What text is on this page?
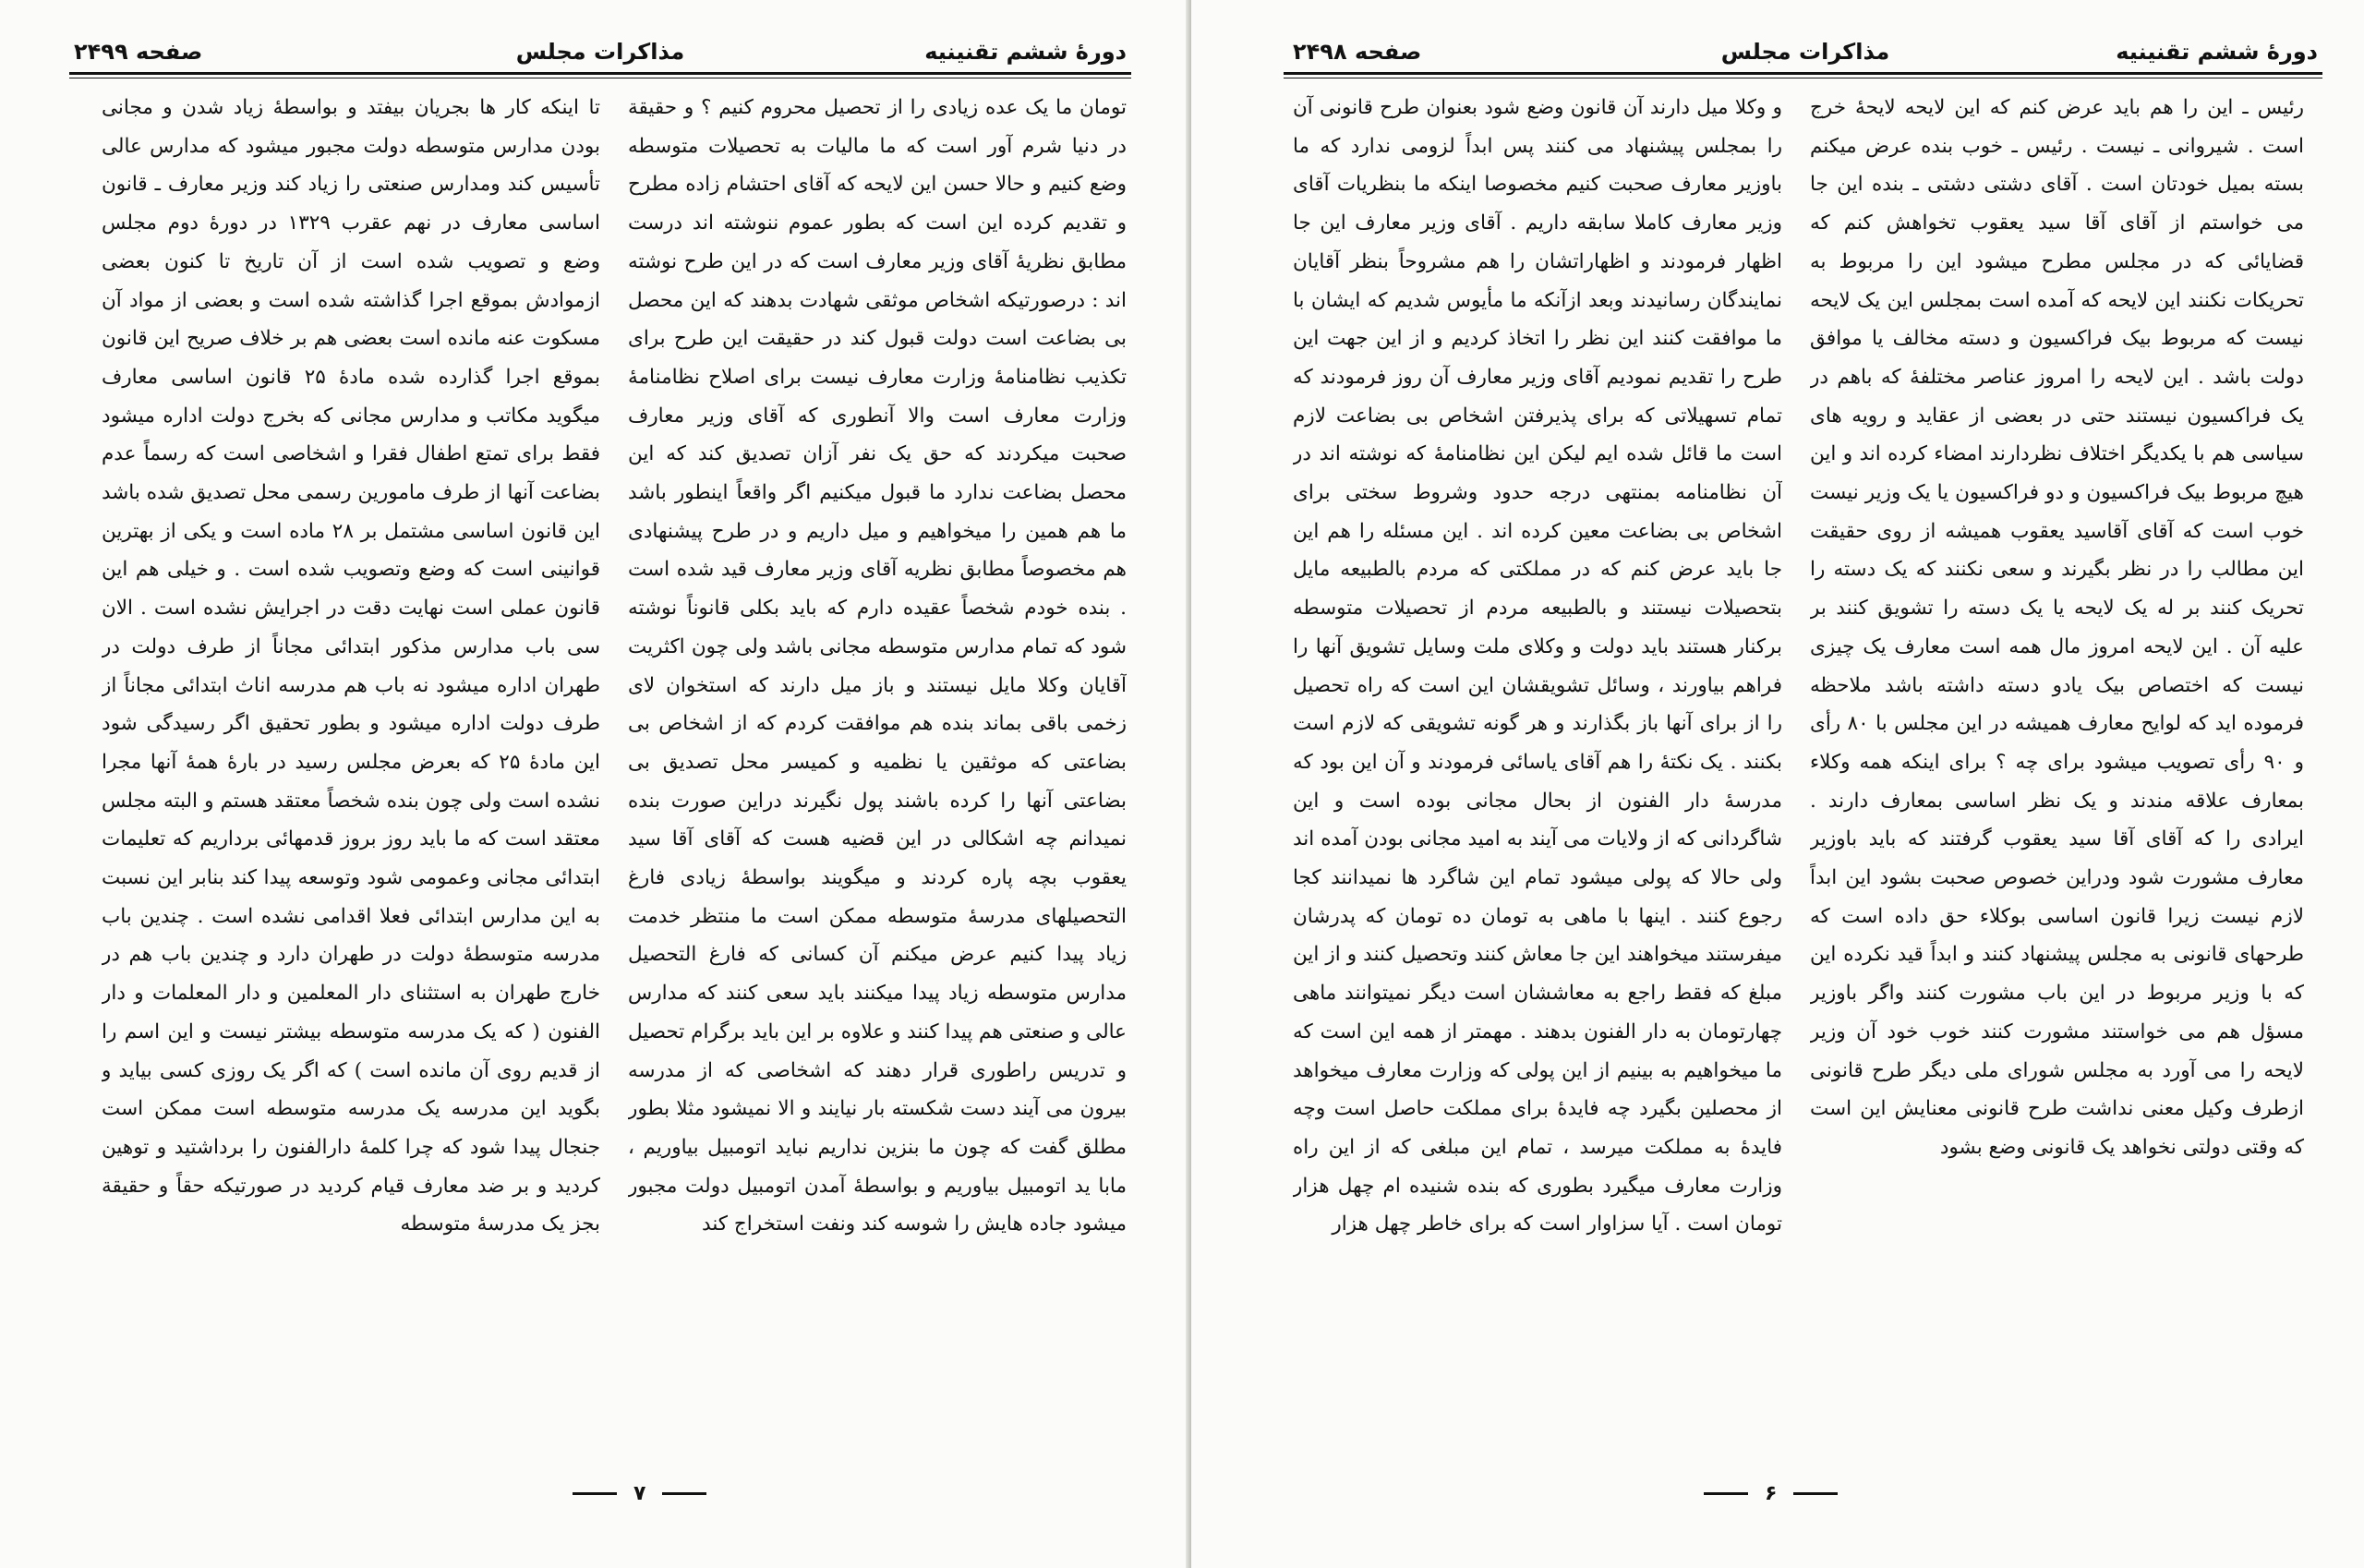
دورهٔ ششم تقنینیه
مذاکرات مجلس
صفحه ۲۴۹۹

تومان ما یک عده زیادی را از تحصیل محروم کنیم ؟ و حقیقة در دنیا شرم آور است که ما مالیات به تحصیلات متوسطه وضع کنیم و حالا حسن این لایحه که آقای احتشام زاده مطرح و تقدیم کرده این است که بطور عموم ننوشته اند درست مطابق نظریهٔ آقای وزیر معارف است که در این طرح نوشته اند : درصورتیکه اشخاص موثقی شهادت بدهند که این محصل بی بضاعت است دولت قبول کند در حقیقت این طرح برای تکذیب نظامنامهٔ وزارت معارف نیست برای اصلاح نظامنامهٔ وزارت معارف است والا آنطوری که آقای وزیر معارف صحبت میکردند که حق یک نفر آزان تصدیق کند که این محصل بضاعت ندارد ما قبول میکنیم اگر واقعاً اینطور باشد ما هم همین را میخواهیم و میل داریم و در طرح پیشنهادی هم مخصوصاً مطابق نظریه آقای وزیر معارف قید شده است . بنده خودم شخصاً عقیده دارم که باید بکلی قانوناً نوشته شود که تمام مدارس متوسطه مجانی باشد ولی چون اکثریت آقایان وکلا مایل نیستند و باز میل دارند که استخوان لای زخمی باقی بماند بنده هم موافقت کردم که از اشخاص بی بضاعتی که موثقین یا نظمیه و کمیسر محل تصدیق بی بضاعتی آنها را کرده باشند پول نگیرند دراین صورت بنده نمیدانم چه اشکالی در این قضیه هست که آقای آقا سید یعقوب بچه پاره کردند و میگویند بواسطهٔ زیادی فارغ التحصیلهای مدرسهٔ متوسطه ممکن است ما منتظر خدمت زیاد پیدا کنیم عرض میکنم آن کسانی که فارغ التحصیل مدارس متوسطه زیاد پیدا میکنند باید سعی کنند که مدارس عالی و صنعتی هم پیدا کنند و علاوه بر این باید برگرام تحصیل و تدریس راطوری قرار دهند که اشخاصی که از مدرسه بیرون می آیند دست شکسته بار نیایند و الا نمیشود مثلا بطور مطلق گفت که چون ما بنزین نداریم نباید اتومبیل بیاوریم ، مابا ید اتومبیل بیاوریم و بواسطهٔ آمدن اتومبیل دولت مجبور میشود جاده هایش را شوسه کند ونفت استخراج کند

تا اینکه کار ها بجریان بیفتد و بواسطهٔ زیاد شدن و مجانی بودن مدارس متوسطه دولت مجبور میشود که مدارس عالی تأسیس کند ومدارس صنعتی را زیاد کند وزیر معارف ـ قانون اساسی معارف در نهم عقرب ۱۳۲۹ در دورهٔ دوم مجلس وضع و تصویب شده است از آن تاریخ تا کنون بعضی ازموادش بموقع اجرا گذاشته شده است و بعضی از مواد آن مسکوت عنه مانده است بعضی هم بر خلاف صریح این قانون بموقع اجرا گذارده شده مادهٔ ۲۵ قانون اساسی معارف میگوید مکاتب و مدارس مجانی که بخرج دولت اداره میشود فقط برای تمتع اطفال فقرا و اشخاصی است که رسماً عدم بضاعت آنها از طرف مامورین رسمی محل تصدیق شده باشد این قانون اساسی مشتمل بر ۲۸ ماده است و یکی از بهترین قوانینی است که وضع وتصویب شده است . و خیلی هم این قانون عملی است نهایت دقت در اجرایش نشده است . الان سی باب مدارس مذکور ابتدائی مجاناً از طرف دولت در طهران اداره میشود نه باب هم مدرسه اناث ابتدائی مجاناً از طرف دولت اداره میشود و بطور تحقیق اگر رسیدگی شود این مادهٔ ۲۵ که بعرض مجلس رسید در بارهٔ همهٔ آنها مجرا نشده است ولی چون بنده شخصاً معتقد هستم و البته مجلس معتقد است که ما باید روز بروز قدمهائی برداریم که تعلیمات ابتدائی مجانی وعمومی شود وتوسعه پیدا کند بنابر این نسبت به این مدارس ابتدائی فعلا اقدامی نشده است . چندین باب مدرسه متوسطهٔ دولت در طهران دارد و چندین باب هم در خارج طهران به استثنای دار المعلمین و دار المعلمات و دار الفنون ( که یک مدرسه متوسطه بیشتر نیست و این اسم را از قدیم روی آن مانده است ) که اگر یک روزی کسی بیاید و بگوید این مدرسه یک مدرسه متوسطه است ممکن است جنجال پیدا شود که چرا کلمهٔ دارالفنون را برداشتید و توهین کردید و بر ضد معارف قیام کردید در صورتیکه حقاً و حقیقة بجز یک مدرسهٔ متوسطه

۷
دورهٔ ششم تقنینیه
مذاکرات مجلس
صفحه ۲۴۹۸

رئیس ـ این را هم باید عرض کنم که این لایحه لایحهٔ خرج است . شیروانی ـ نیست . رئیس ـ خوب بنده عرض میکنم بسته بمیل خودتان است . آقای دشتی دشتی ـ بنده این جا می خواستم از آقای آقا سید یعقوب تخواهش کنم که قضایائی که در مجلس مطرح میشود این را مربوط به تحریکات نکنند این لایحه که آمده است بمجلس این یک لایحه نیست که مربوط بیک فراکسیون و دسته مخالف یا موافق دولت باشد . این لایحه را امروز عناصر مختلفهٔ که باهم در یک فراکسیون نیستند حتی در بعضی از عقاید و رویه های سیاسی هم با یکدیگر اختلاف نظردارند امضاء کرده اند و این هیچ مربوط بیک فراکسیون و دو فراکسیون یا یک وزیر نیست خوب است که آقای آقاسید یعقوب همیشه از روی حقیقت این مطالب را در نظر بگیرند و سعی نکنند که یک دسته را تحریک کنند بر له یک لایحه یا یک دسته را تشویق کنند بر علیه آن . این لایحه امروز مال همه است معارف یک چیزی نیست که اختصاص بیک یادو دسته داشته باشد ملاحظه فرموده اید که لوایح معارف همیشه در این مجلس با ۸۰ رأی و ۹۰ رأی تصویب میشود برای چه ؟ برای اینکه همه وکلاء بمعارف علاقه مندند و یک نظر اساسی بمعارف دارند . ایرادی را که آقای آقا سید یعقوب گرفتند که باید باوزیر معارف مشورت شود ودراین خصوص صحبت بشود این ابداً لازم نیست زیرا قانون اساسی بوکلاء حق داده است که طرحهای قانونی به مجلس پیشنهاد کنند و ابداً قید نکرده این که با وزیر مربوط در این باب مشورت کنند واگر باوزیر مسؤل هم می خواستند مشورت کنند خوب خود آن وزیر لایحه را می آورد به مجلس شورای ملی دیگر طرح قانونی ازطرف وکیل معنی نداشت طرح قانونی معنایش این است که وقتی دولتی نخواهد یک قانونی وضع بشود

و وکلا میل دارند آن قانون وضع شود بعنوان طرح قانونی آن را بمجلس پیشنهاد می کنند پس ابداً لزومی ندارد که ما باوزیر معارف صحبت کنیم مخصوصا اینکه ما بنظریات آقای وزیر معارف کاملا سابقه داریم . آقای وزیر معارف این جا اظهار فرمودند و اظهاراتشان را هم مشروحاً بنظر آقایان نمایندگان رسانیدند وبعد ازآنکه ما مأیوس شدیم که ایشان با ما موافقت کنند این نظر را اتخاذ کردیم و از این جهت این طرح را تقدیم نمودیم آقای وزیر معارف آن روز فرمودند که تمام تسهیلاتی که برای پذیرفتن اشخاص بی بضاعت لازم است ما قائل شده ایم لیکن این نظامنامهٔ که نوشته اند در آن نظامنامه بمنتهی درجه حدود وشروط سختی برای اشخاص بی بضاعت معین کرده اند . این مسئله را هم این جا باید عرض کنم که در مملکتی که مردم بالطبیعه مایل بتحصیلات نیستند و بالطبیعه مردم از تحصیلات متوسطه برکنار هستند باید دولت و وکلای ملت وسایل تشویق آنها را فراهم بیاورند ، وسائل تشویقشان این است که راه تحصیل را از برای آنها باز بگذارند و هر گونه تشویقی که لازم است بکنند . یک نکتهٔ را هم آقای یاسائی فرمودند و آن این بود که مدرسهٔ دار الفنون از بحال مجانی بوده است و این شاگردانی که از ولایات می آیند به امید مجانی بودن آمده اند ولی حالا که پولی میشود تمام این شاگرد ها نمیدانند کجا رجوع کنند . اینها با ماهی به تومان ده تومان که پدرشان میفرستند میخواهند این جا معاش کنند وتحصیل کنند و از این مبلغ که فقط راجع به معاششان است دیگر نمیتوانند ماهی چهارتومان به دار الفنون بدهند . مهمتر از همه این است که ما میخواهیم به بینیم از این پولی که وزارت معارف میخواهد از محصلین بگیرد چه فایدهٔ برای مملکت حاصل است وچه فایدهٔ به مملکت میرسد ، تمام این مبلغی که از این راه وزارت معارف میگیرد بطوری که بنده شنیده ام چهل هزار تومان است . آیا سزاوار است که برای خاطر چهل هزار

۶
